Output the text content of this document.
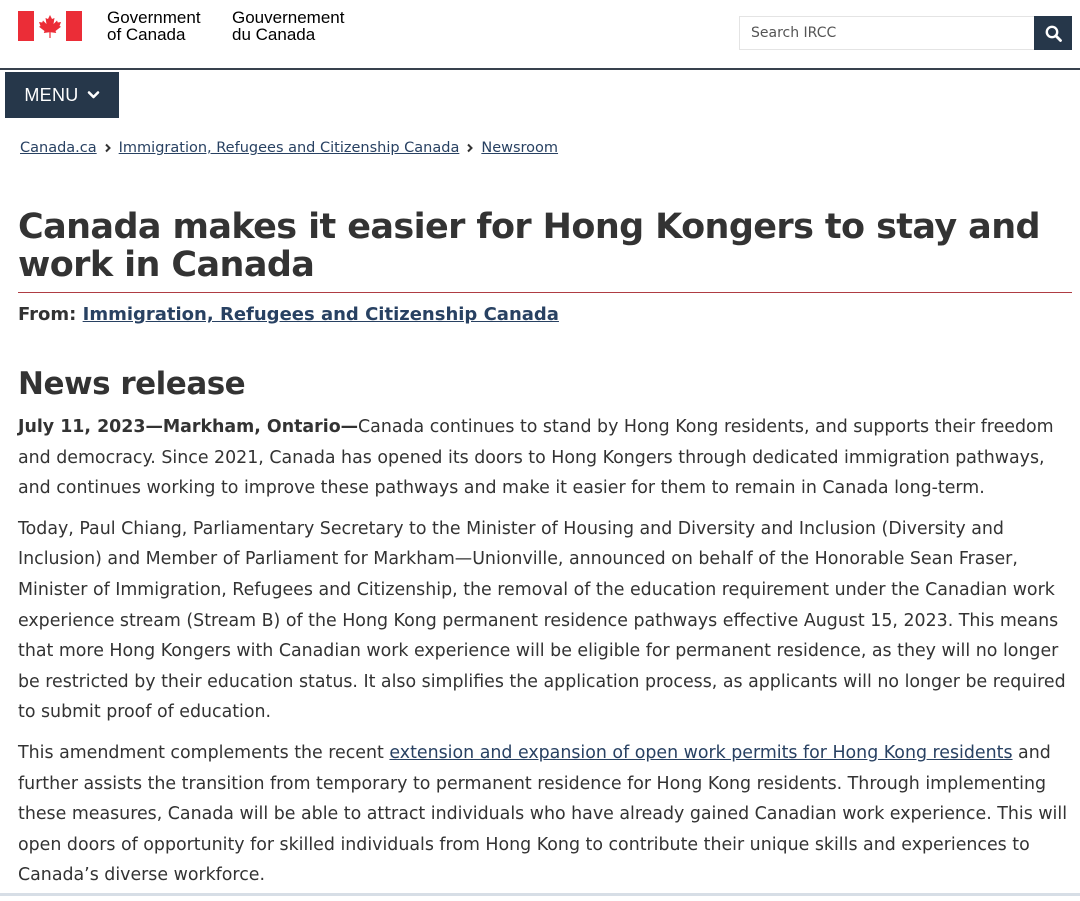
Government
of Canada
Gouvernement
du Canada
Search IRCC
MENU
Canada.ca Immigration, Refugees and Citizenship Canada Newsroom
Canada makes it easier for Hong Kongers to stay and work in Canada
From: Immigration, Refugees and Citizenship Canada
News release

July 11, 2023—Markham, Ontario—Canada continues to stand by Hong Kong residents, and supports their freedom and democracy. Since 2021, Canada has opened its doors to Hong Kongers through dedicated immigration pathways, and continues working to improve these pathways and make it easier for them to remain in Canada long-term.

Today, Paul Chiang, Parliamentary Secretary to the Minister of Housing and Diversity and Inclusion (Diversity and Inclusion) and Member of Parliament for Markham—Unionville, announced on behalf of the Honorable Sean Fraser, Minister of Immigration, Refugees and Citizenship, the removal of the education requirement under the Canadian work experience stream (Stream B) of the Hong Kong permanent residence pathways effective August 15, 2023. This means that more Hong Kongers with Canadian work experience will be eligible for permanent residence, as they will no longer be restricted by their education status. It also simplifies the application process, as applicants will no longer be required to submit proof of education.

This amendment complements the recent extension and expansion of open work permits for Hong Kong residents and further assists the transition from temporary to permanent residence for Hong Kong residents. Through implementing these measures, Canada will be able to attract individuals who have already gained Canadian work experience. This will open doors of opportunity for skilled individuals from Hong Kong to contribute their unique skills and experiences to Canada’s diverse workforce.
